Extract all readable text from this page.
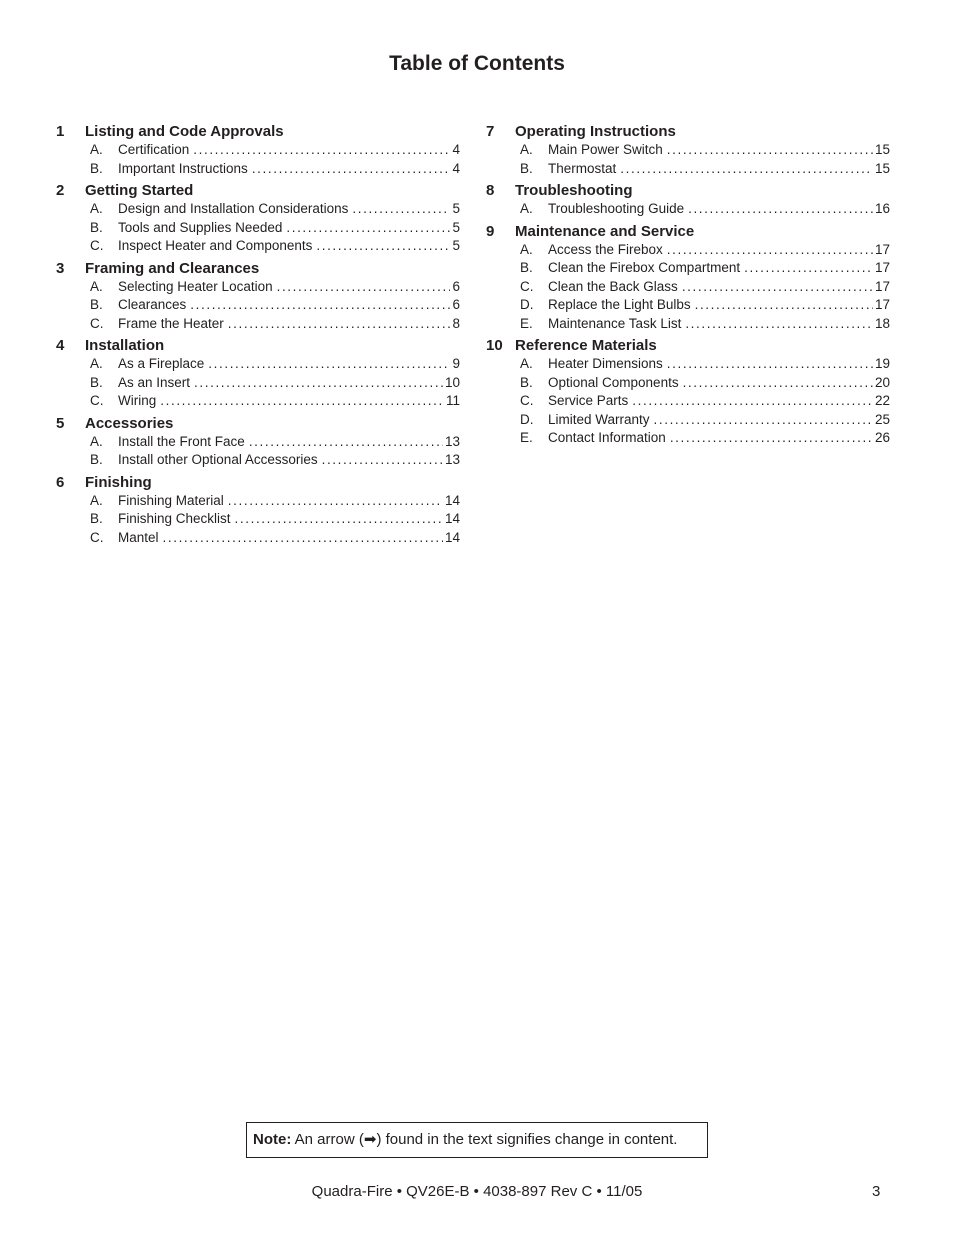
Table of Contents
1	Listing and Code Approvals
A.	Certification .....	4
B.	Important Instructions .....	4
2	Getting Started
A.	Design and Installation Considerations .....	5
B.	Tools and Supplies Needed .....	5
C.	Inspect Heater and Components .....	5
3	Framing and Clearances
A.	Selecting Heater Location .....	6
B.	Clearances .....	6
C.	Frame the Heater .....	8
4	Installation
A.	As a Fireplace .....	9
B.	As an Insert .....	10
C.	Wiring .....	11
5	Accessories
A.	Install the Front Face .....	13
B.	Install other Optional Accessories .....	13
6	Finishing
A.	Finishing Material .....	14
B.	Finishing Checklist .....	14
C.	Mantel .....	14
7	Operating Instructions
A.	Main Power Switch .....	15
B.	Thermostat .....	15
8	Troubleshooting
A.	Troubleshooting Guide .....	16
9	Maintenance and Service
A.	Access the Firebox .....	17
B.	Clean the Firebox Compartment .....	17
C.	Clean the Back Glass .....	17
D.	Replace the Light Bulbs .....	17
E.	Maintenance Task List .....	18
10 Reference Materials
A.	Heater Dimensions .....	19
B.	Optional Components .....	20
C.	Service Parts .....	22
D.	Limited Warranty .....	25
E.	Contact Information .....	26
Note: An arrow (➡) found in the text signifies change in content.
Quadra-Fire • QV26E-B • 4038-897 Rev C • 11/05	3
